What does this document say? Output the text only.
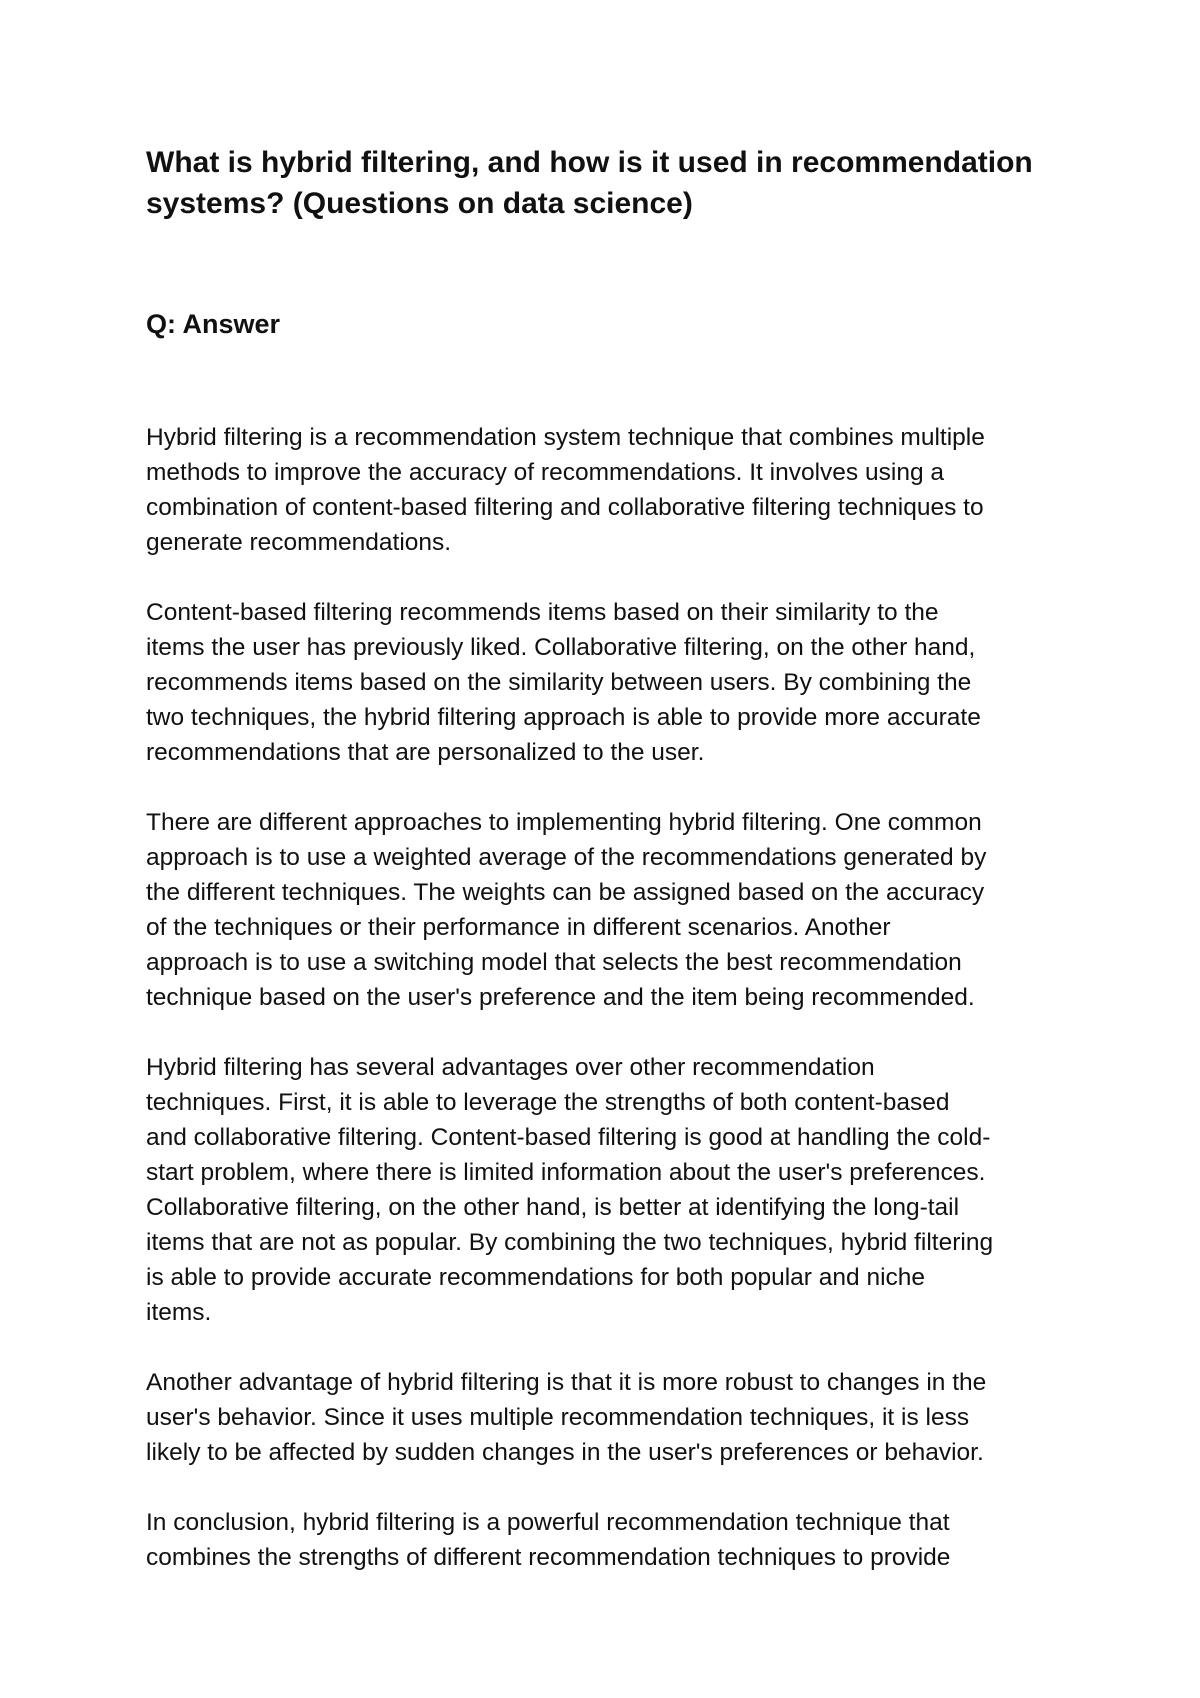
What is hybrid filtering, and how is it used in recommendation
systems? (Questions on data science)
Q: Answer
Hybrid filtering is a recommendation system technique that combines multiple
methods to improve the accuracy of recommendations. It involves using a
combination of content-based filtering and collaborative filtering techniques to
generate recommendations.
Content-based filtering recommends items based on their similarity to the
items the user has previously liked. Collaborative filtering, on the other hand,
recommends items based on the similarity between users. By combining the
two techniques, the hybrid filtering approach is able to provide more accurate
recommendations that are personalized to the user.
There are different approaches to implementing hybrid filtering. One common
approach is to use a weighted average of the recommendations generated by
the different techniques. The weights can be assigned based on the accuracy
of the techniques or their performance in different scenarios. Another
approach is to use a switching model that selects the best recommendation
technique based on the user's preference and the item being recommended.
Hybrid filtering has several advantages over other recommendation
techniques. First, it is able to leverage the strengths of both content-based
and collaborative filtering. Content-based filtering is good at handling the cold-
start problem, where there is limited information about the user's preferences.
Collaborative filtering, on the other hand, is better at identifying the long-tail
items that are not as popular. By combining the two techniques, hybrid filtering
is able to provide accurate recommendations for both popular and niche
items.
Another advantage of hybrid filtering is that it is more robust to changes in the
user's behavior. Since it uses multiple recommendation techniques, it is less
likely to be affected by sudden changes in the user's preferences or behavior.
In conclusion, hybrid filtering is a powerful recommendation technique that
combines the strengths of different recommendation techniques to provide
